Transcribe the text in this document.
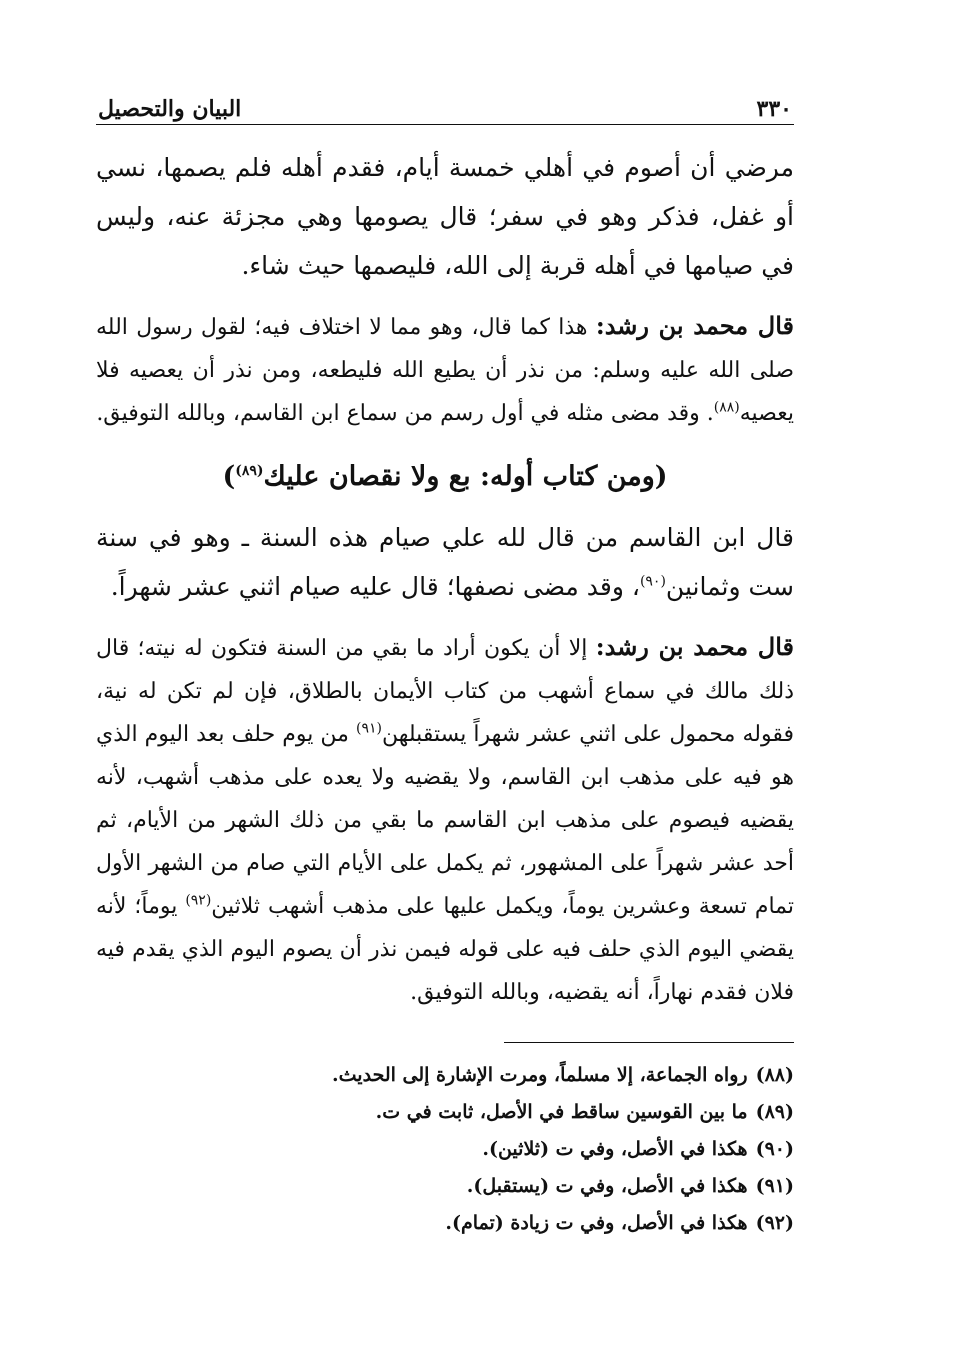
٣٣٠
البيان والتحصيل

مرضي أن أصوم في أهلي خمسة أيام، فقدم أهله فلم يصمها، نسي أو غفل، فذكر وهو في سفر؛ قال يصومها وهي مجزئة عنه، وليس في صيامها في أهله قربة إلى الله، فليصمها حيث شاء.

قال محمد بن رشد: هذا كما قال، وهو مما لا اختلاف فيه؛ لقول رسول الله صلى الله عليه وسلم: من نذر أن يطيع الله فليطعه، ومن نذر أن يعصيه فلا يعصيه$^{(٨٨)}$. وقد مضى مثله في أول رسم من سماع ابن القاسم، وبالله التوفيق.

(ومن كتاب أوله: بع ولا نقصان عليك$^{(٨٩)}$)

قال ابن القاسم من قال لله علي صيام هذه السنة ـ وهو في سنة ست وثمانين$^{(٩٠)}$، وقد مضى نصفها؛ قال عليه صيام اثني عشر شهراً.

قال محمد بن رشد: إلا أن يكون أراد ما بقي من السنة فتكون له نيته؛ قال ذلك مالك في سماع أشهب من كتاب الأيمان بالطلاق، فإن لم تكن له نية، فقوله محمول على اثني عشر شهراً يستقبلهن$^{(٩١)}$ من يوم حلف بعد اليوم الذي هو فيه على مذهب ابن القاسم، ولا يقضيه ولا يعده على مذهب أشهب، لأنه يقضيه فيصوم على مذهب ابن القاسم ما بقي من ذلك الشهر من الأيام، ثم أحد عشر شهراً على المشهور، ثم يكمل على الأيام التي صام من الشهر الأول تمام تسعة وعشرين يوماً، ويكمل عليها على مذهب أشهب ثلاثين$^{(٩٢)}$ يوماً؛ لأنه يقضي اليوم الذي حلف فيه على قوله فيمن نذر أن يصوم اليوم الذي يقدم فيه فلان فقدم نهاراً، أنه يقضيه، وبالله التوفيق.

(٨٨)رواه الجماعة، إلا مسلماً، ومرت الإشارة إلى الحديث.
(٨٩)ما بين القوسين ساقط في الأصل، ثابت في ت.
(٩٠)هكذا في الأصل، وفي ت (ثلاثين).
(٩١)هكذا في الأصل، وفي ت (يستقبل).
(٩٢)هكذا في الأصل، وفي ت زيادة (تمام).
